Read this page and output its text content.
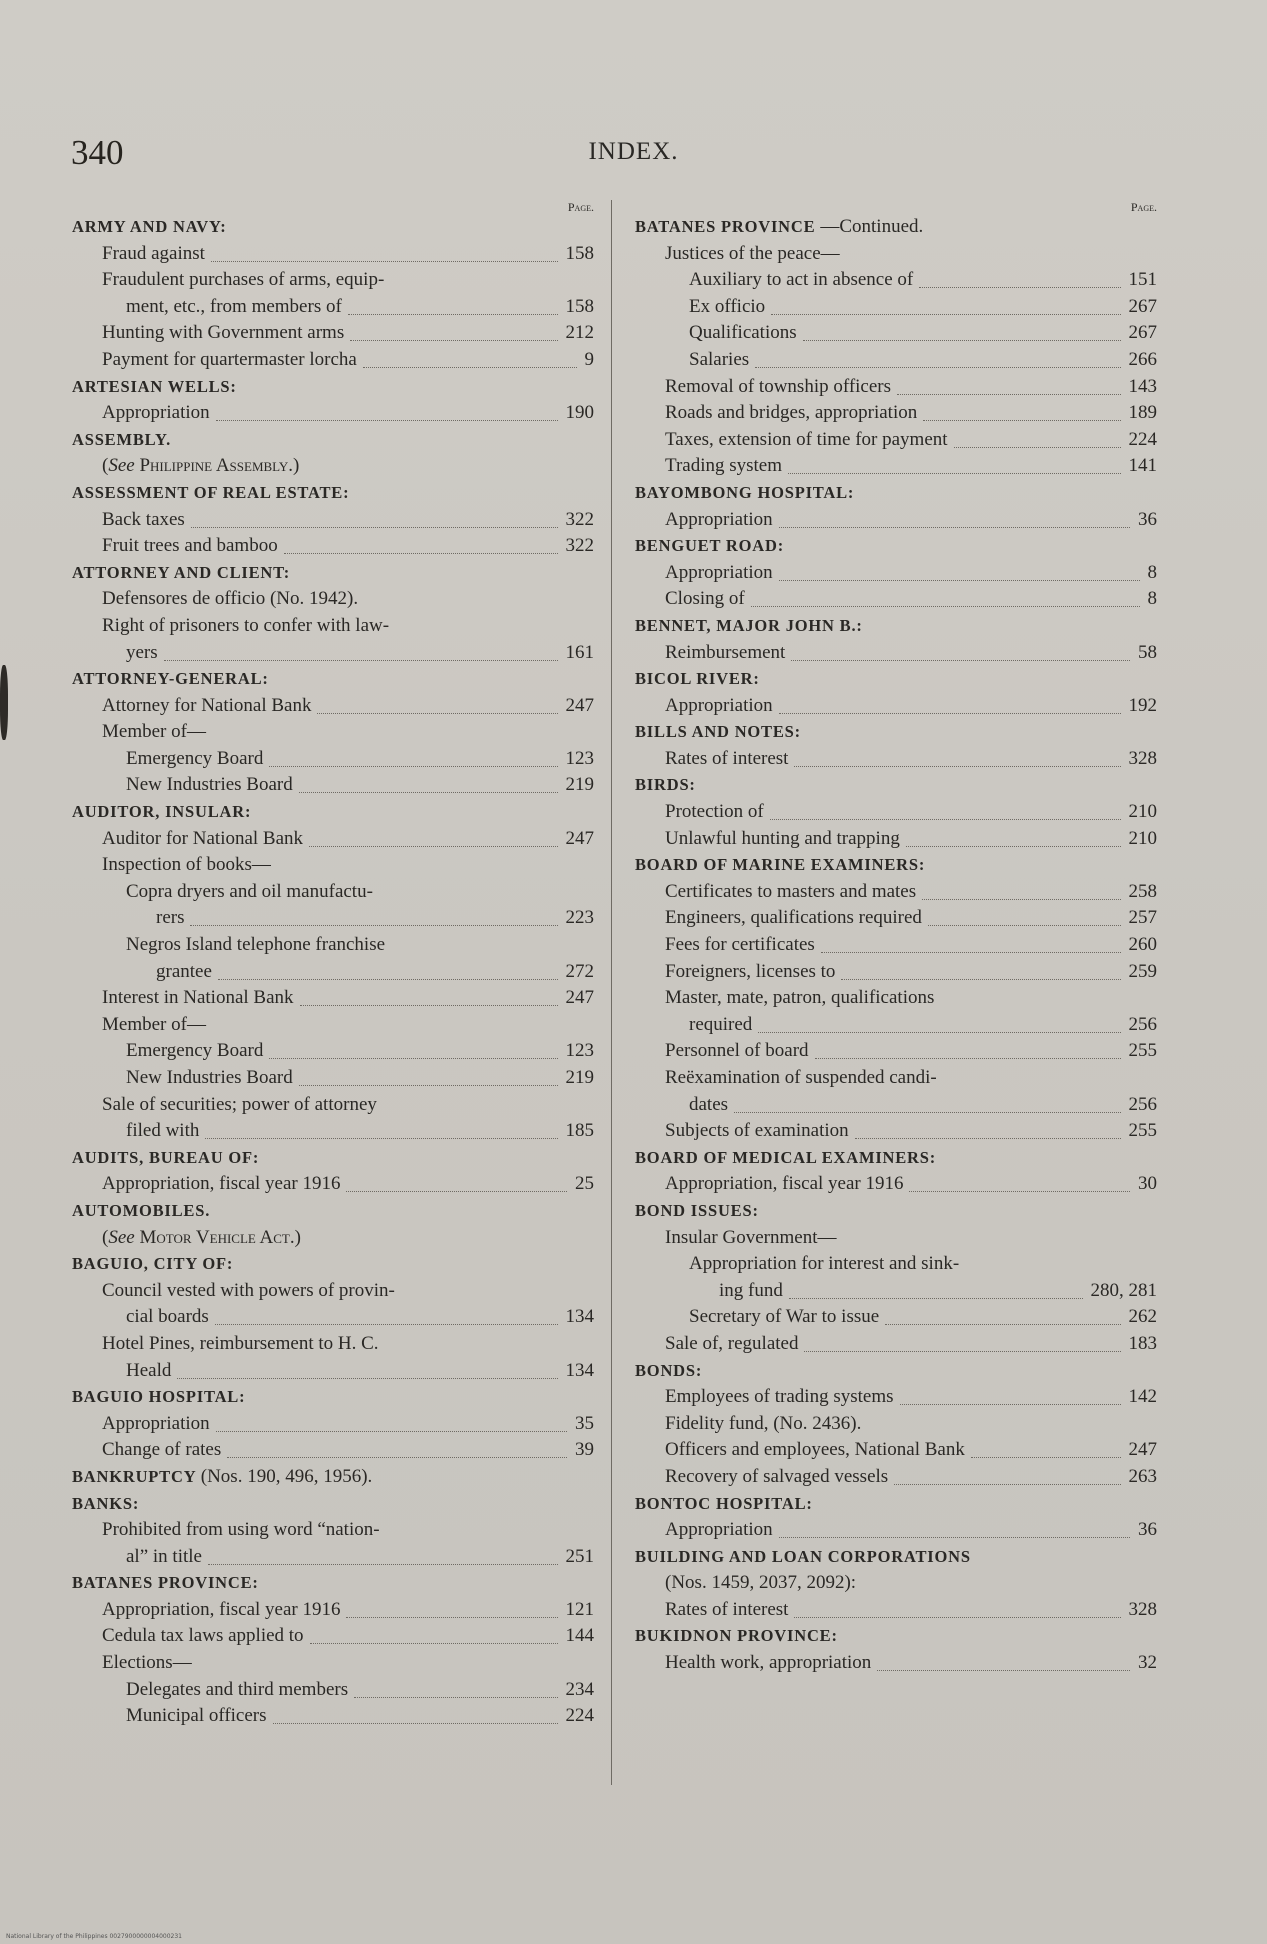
340	INDEX.
Page.
ARMY AND NAVY:
Fraud against	158
Fraudulent purchases of arms, equip-
ment, etc., from members of	158
Hunting with Government arms	212
Payment for quartermaster lorcha	9
ARTESIAN WELLS:
Appropriation	190
ASSEMBLY.
(See Philippine Assembly.)
ASSESSMENT OF REAL ESTATE:
Back taxes	322
Fruit trees and bamboo	322
ATTORNEY AND CLIENT:
Defensores de officio (No. 1942).
Right of prisoners to confer with law-
yers	161
ATTORNEY-GENERAL:
Attorney for National Bank	247
Member of—
Emergency Board	123
New Industries Board	219
AUDITOR, INSULAR:
Auditor for National Bank	247
Inspection of books—
Copra dryers and oil manufactu-
rers	223
Negros Island telephone franchise
grantee	272
Interest in National Bank	247
Member of—
Emergency Board	123
New Industries Board	219
Sale of securities; power of attorney
filed with	185
AUDITS, BUREAU OF:
Appropriation, fiscal year 1916	25
AUTOMOBILES.
(See Motor Vehicle Act.)
BAGUIO, CITY OF:
Council vested with powers of provin-
cial boards	134
Hotel Pines, reimbursement to H. C.
Heald	134
BAGUIO HOSPITAL:
Appropriation	35
Change of rates	39
BANKRUPTCY (Nos. 190, 496, 1956).
BANKS:
Prohibited from using word “nation-
al” in title	251
BATANES PROVINCE:
Appropriation, fiscal year 1916	121
Cedula tax laws applied to	144
Elections—
Delegates and third members	234
Municipal officers	224
Page.
BATANES PROVINCE —Continued.
Justices of the peace—
Auxiliary to act in absence of	151
Ex officio	267
Qualifications	267
Salaries	266
Removal of township officers	143
Roads and bridges, appropriation	189
Taxes, extension of time for payment	224
Trading system	141
BAYOMBONG HOSPITAL:
Appropriation	36
BENGUET ROAD:
Appropriation	8
Closing of	8
BENNET, MAJOR JOHN B.:
Reimbursement	58
BICOL RIVER:
Appropriation	192
BILLS AND NOTES:
Rates of interest	328
BIRDS:
Protection of	210
Unlawful hunting and trapping	210
BOARD OF MARINE EXAMINERS:
Certificates to masters and mates	258
Engineers, qualifications required	257
Fees for certificates	260
Foreigners, licenses to	259
Master, mate, patron, qualifications
required	256
Personnel of board	255
Reëxamination of suspended candi-
dates	256
Subjects of examination	255
BOARD OF MEDICAL EXAMINERS:
Appropriation, fiscal year 1916	30
BOND ISSUES:
Insular Government—
Appropriation for interest and sink-
ing fund	280, 281
Secretary of War to issue	262
Sale of, regulated	183
BONDS:
Employees of trading systems	142
Fidelity fund, (No. 2436).
Officers and employees, National Bank	247
Recovery of salvaged vessels	263
BONTOC HOSPITAL:
Appropriation	36
BUILDING AND LOAN CORPORATIONS
(Nos. 1459, 2037, 2092):
Rates of interest	328
BUKIDNON PROVINCE:
Health work, appropriation	32
National Library of the Philippines 0027900000004000231
